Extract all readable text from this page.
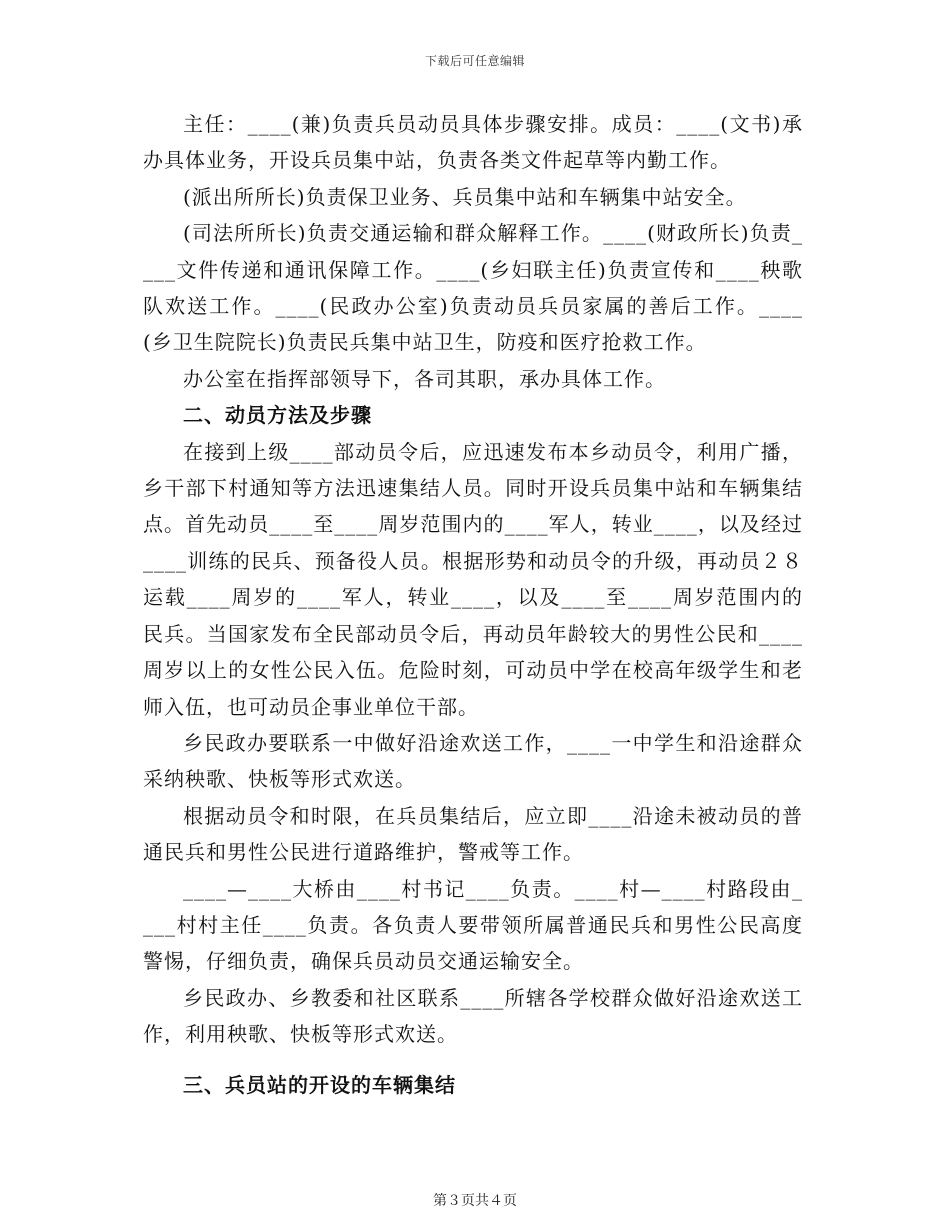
下载后可任意编辑

主任：____(兼)负责兵员动员具体步骤安排。成员：____(文书)承办具体业务，开设兵员集中站，负责各类文件起草等内勤工作。

(派出所所长)负责保卫业务、兵员集中站和车辆集中站安全。

(司法所所长)负责交通运输和群众解释工作。____(财政所长)负责____文件传递和通讯保障工作。____(乡妇联主任)负责宣传和____秧歌队欢送工作。____(民政办公室)负责动员兵员家属的善后工作。____(乡卫生院院长)负责民兵集中站卫生，防疫和医疗抢救工作。

办公室在指挥部领导下，各司其职，承办具体工作。

二、动员方法及步骤

在接到上级____部动员令后，应迅速发布本乡动员令，利用广播，乡干部下村通知等方法迅速集结人员。同时开设兵员集中站和车辆集结点。首先动员____至____周岁范围内的____军人，转业____，以及经过____训练的民兵、预备役人员。根据形势和动员令的升级，再动员２８运载____周岁的____军人，转业____，以及____至____周岁范围内的民兵。当国家发布全民部动员令后，再动员年龄较大的男性公民和____周岁以上的女性公民入伍。危险时刻，可动员中学在校高年级学生和老师入伍，也可动员企事业单位干部。

乡民政办要联系一中做好沿途欢送工作，____一中学生和沿途群众采纳秧歌、快板等形式欢送。

根据动员令和时限，在兵员集结后，应立即____沿途未被动员的普通民兵和男性公民进行道路维护，警戒等工作。

____—____大桥由____村书记____负责。____村—____村路段由____村村主任____负责。各负责人要带领所属普通民兵和男性公民高度警惕，仔细负责，确保兵员动员交通运输安全。

乡民政办、乡教委和社区联系____所辖各学校群众做好沿途欢送工作，利用秧歌、快板等形式欢送。

三、兵员站的开设的车辆集结
第３页共４页
